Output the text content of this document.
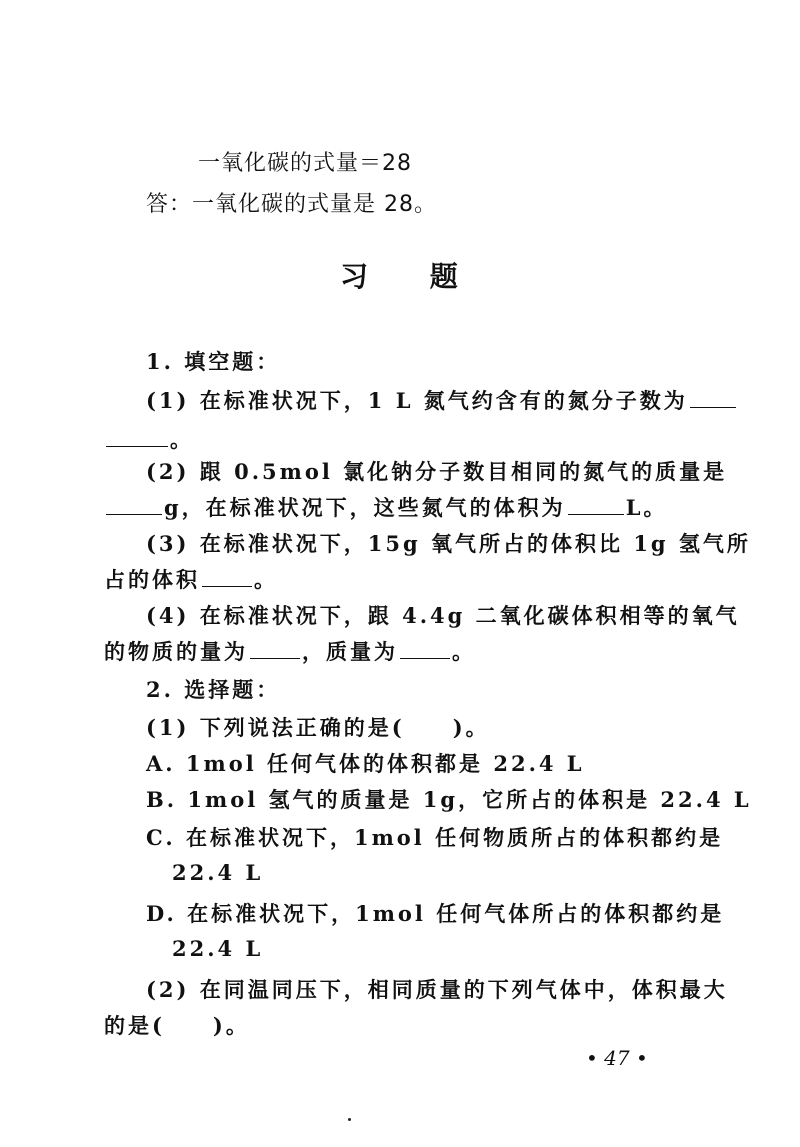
一氧化碳的式量＝28
答：一氧化碳的式量是 28。
习 题
1. 填空题：
(1) 在标准状况下，1 L 氮气约含有的氮分子数为
。
(2) 跟 0.5mol 氯化钠分子数目相同的氮气的质量是
g，在标准状况下，这些氮气的体积为	L。
(3) 在标准状况下，15g 氧气所占的体积比 1g 氢气所
占的体积	。
(4) 在标准状况下，跟 4.4g 二氧化碳体积相等的氧气
的物质的量为	，质量为	。
2. 选择题：
(1) 下列说法正确的是(　　)。
A. 1mol 任何气体的体积都是 22.4 L
B. 1mol 氢气的质量是 1g，它所占的体积是 22.4 L
C. 在标准状况下，1mol 任何物质所占的体积都约是
22.4 L
D. 在标准状况下，1mol 任何气体所占的体积都约是
22.4 L
(2) 在同温同压下，相同质量的下列气体中，体积最大
的是(　　)。
• 47 •
